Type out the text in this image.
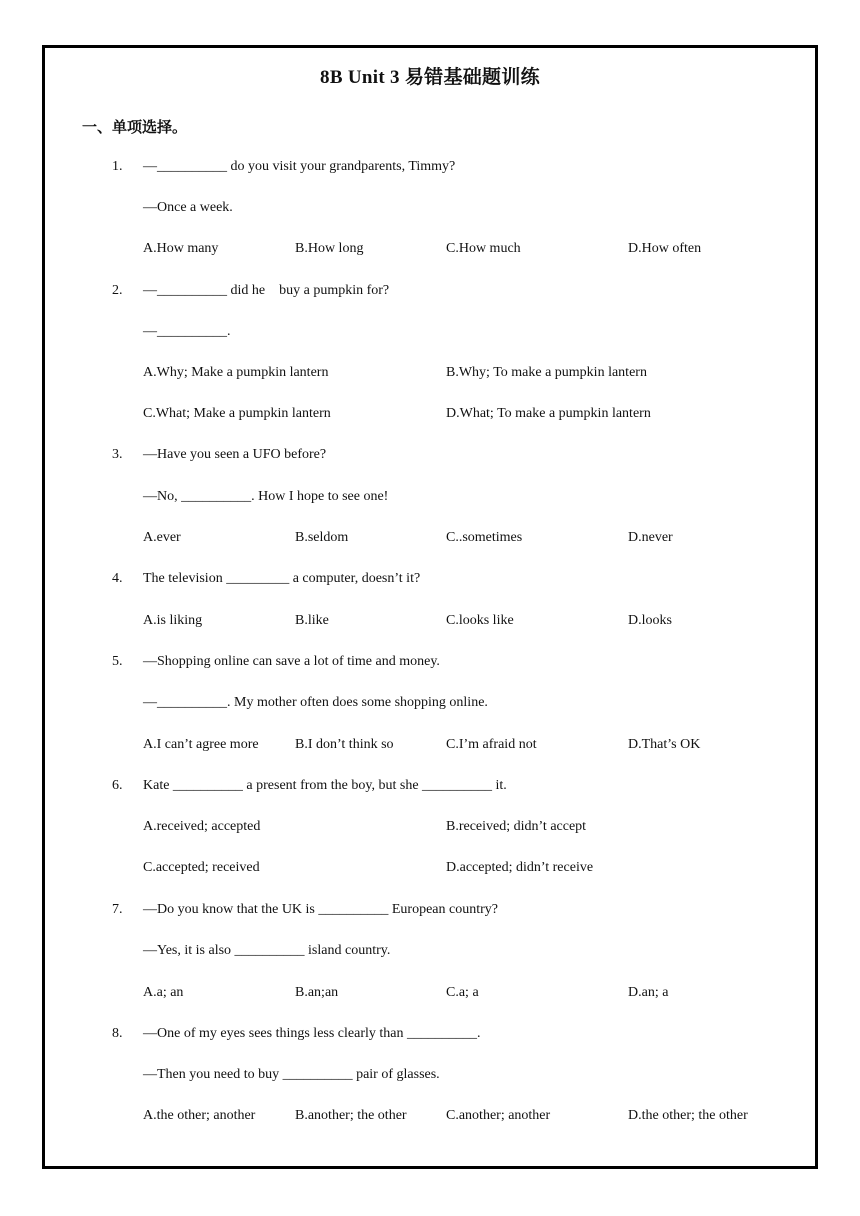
8B Unit 3 易错基础题训练
一、单项选择。
1. —__________ do you visit your grandparents, Timmy?
—Once a week.
A.How many	B.How long	C.How much	D.How often
2. —__________ did he    buy a pumpkin for?
—__________.
A.Why; Make a pumpkin lantern	B.Why; To make a pumpkin lantern
C.What; Make a pumpkin lantern	D.What; To make a pumpkin lantern
3. —Have you seen a UFO before?
—No, __________. How I hope to see one!
A.ever	B.seldom	C..sometimes	D.never
4. The television _________ a computer, doesn’t it?
A.is liking	B.like	C.looks like	D.looks
5. —Shopping online can save a lot of time and money.
—__________. My mother often does some shopping online.
A.I can’t agree more	B.I don’t think so	C.I’m afraid not	D.That’s OK
6. Kate __________ a present from the boy, but she __________ it.
A.received; accepted	B.received; didn’t accept
C.accepted; received	D.accepted; didn’t receive
7. —Do you know that the UK is __________ European country?
—Yes, it is also __________ island country.
A.a; an	B.an;an	C.a; a	D.an; a
8. —One of my eyes sees things less clearly than __________.
—Then you need to buy __________ pair of glasses.
A.the other; another	B.another; the other	C.another; another	D.the other; the other
